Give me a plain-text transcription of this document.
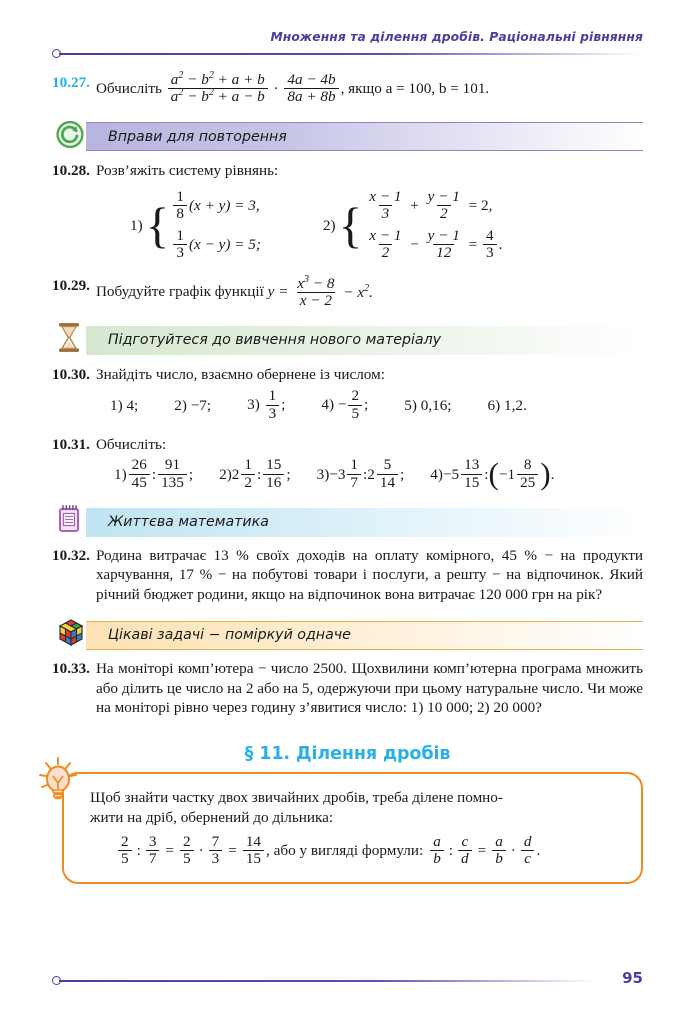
Множення та ділення дробів. Раціональні рівняння
10.27. Обчисліть $\frac{a^2 - b^2 + a + b}{a^2 - b^2 + a - b} \cdot \frac{4a - 4b}{8a + 8b}$ , якщо a = 100, b = 101.
Вправи для повторення
10.28. Розв’яжіть систему рівнянь:
1) { $\frac{1}{8} (x + y) = 3$,
$\frac{1}{3} (x - y) = 5$;
2) { $\frac{x - 1}{3} + \frac{y - 1}{2} = 2$,
$\frac{x - 1}{2} - \frac{y - 1}{12} = \frac{4}{3}$ .
10.29. Побудуйте графік функції $y = \frac{x^3 - 8}{x - 2} - x^2$.
Підготуйтеся до вивчення нового матеріалу
10.30. Знайдіть число, взаємно обернене із числом:
1) 4; 2) −7; $3) \frac{1}{3}$ ; $4) - \frac{2}{5}$ ; 5) 0,16; 6) 1,2.
10.31. Обчисліть:
$1) \frac{26}{45}$ : $\frac{91}{135}$ ; 2) $2 \frac{1}{2}$ : $\frac{15}{16}$ ; $3) -3 \frac{1}{7}$ : $2 \frac{5}{14}$ ; $4) -5 \frac{13}{15}$ : ( $-1 \frac{8}{25}$ ) .
Життєва математика
10.32. Родина витрачає 13 % своїх доходів на оплату комірного, 45 % − на продукти харчування, 17 % − на побутові товари і послуги, а решту − на відпочинок. Який річний бюджет родини, якщо на відпочинок вона витрачає 120 000 грн на рік?
Цікаві задачі − поміркуй одначе
10.33. На моніторі комп’ютера − число 2500. Щохвилини комп’ютерна програма множить або ділить це число на 2 або на 5, одержуючи при цьому натуральне число. Чи може на моніторі рівно через годину з’явитися число: 1) 10 000; 2) 20 000?
§ 11. Ділення дробів
Щоб знайти частку двох звичайних дробів, треба ділене помно-
жити на дріб, обернений до дільника:
$\frac{2}{5}$ : $\frac{3}{7} = \frac{2}{5} \cdot \frac{7}{3} = \frac{14}{15}$ , або у вигляді формули: $\frac{a}{b}$ : $\frac{c}{d} = \frac{a}{b} \cdot \frac{d}{c}$ .
95
